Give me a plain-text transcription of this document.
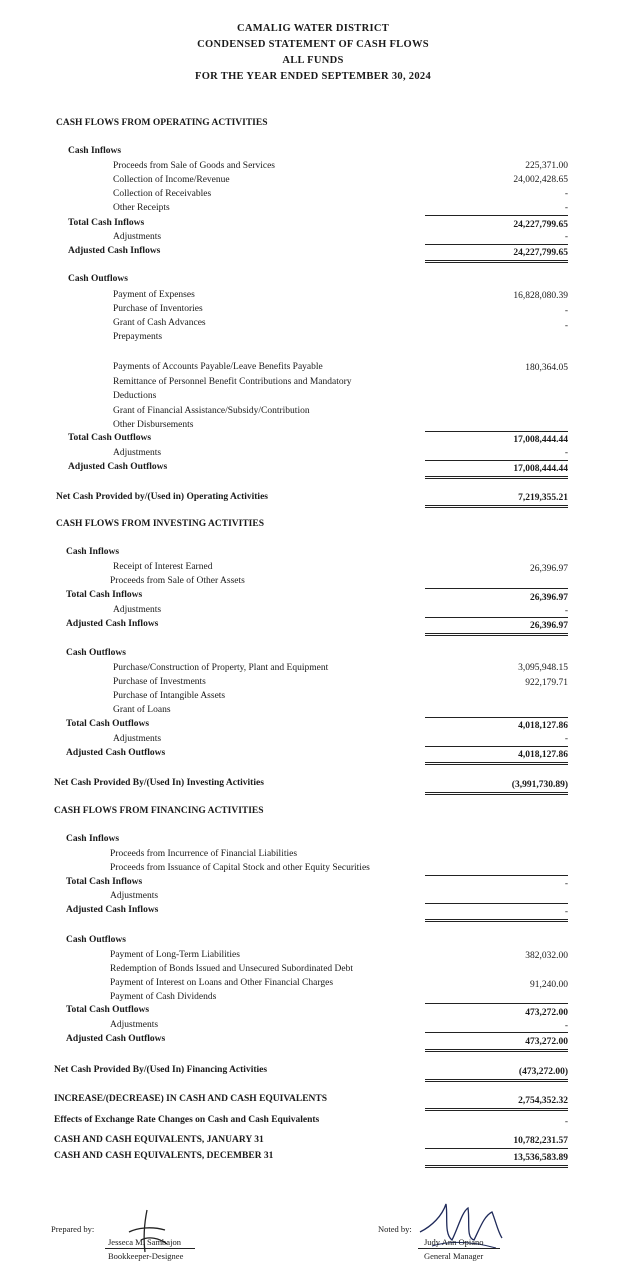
CAMALIG WATER DISTRICT
CONDENSED STATEMENT OF CASH FLOWS
ALL FUNDS
FOR THE YEAR ENDED SEPTEMBER 30, 2024
CASH FLOWS FROM OPERATING ACTIVITIES
Cash Inflows
Proceeds from Sale of Goods and Services	225,371.00
Collection of Income/Revenue	24,002,428.65
Collection of Receivables	-
Other Receipts	-
Total Cash Inflows	24,227,799.65
Adjustments	-
Adjusted Cash Inflows	24,227,799.65
Cash Outflows
Payment of Expenses	16,828,080.39
Purchase of Inventories	-
Grant of Cash Advances	-
Prepayments
Payments of Accounts Payable/Leave Benefits Payable	180,364.05
Remittance of Personnel Benefit Contributions and Mandatory
Deductions
Grant of Financial Assistance/Subsidy/Contribution
Other Disbursements
Total Cash Outflows	17,008,444.44
Adjustments	-
Adjusted Cash Outflows	17,008,444.44
Net Cash Provided by/(Used in) Operating Activities	7,219,355.21
CASH FLOWS FROM INVESTING ACTIVITIES
Cash Inflows
Receipt of Interest Earned	26,396.97
Proceeds from Sale of Other Assets
Total Cash Inflows	26,396.97
Adjustments	-
Adjusted Cash Inflows	26,396.97
Cash Outflows
Purchase/Construction of Property, Plant and Equipment	3,095,948.15
Purchase of Investments	922,179.71
Purchase of Intangible Assets
Grant of Loans
Total Cash Outflows	4,018,127.86
Adjustments	-
Adjusted Cash Outflows	4,018,127.86
Net Cash Provided By/(Used In) Investing Activities	(3,991,730.89)
CASH FLOWS FROM FINANCING ACTIVITIES
Cash Inflows
Proceeds from Incurrence of Financial Liabilities
Proceeds from Issuance of Capital Stock and other Equity Securities
Total Cash Inflows	-
Adjustments
Adjusted Cash Inflows	-
Cash Outflows
Payment of Long-Term Liabilities	382,032.00
Redemption of Bonds Issued and Unsecured Subordinated Debt
Payment of Interest on Loans and Other Financial Charges	91,240.00
Payment of Cash Dividends
Total Cash Outflows	473,272.00
Adjustments	-
Adjusted Cash Outflows	473,272.00
Net Cash Provided By/(Used In) Financing Activities	(473,272.00)
INCREASE/(DECREASE) IN CASH AND CASH EQUIVALENTS	2,754,352.32
Effects of Exchange Rate Changes on Cash and Cash Equivalents	-
CASH AND CASH EQUIVALENTS, JANUARY 31	10,782,231.57
CASH AND CASH EQUIVALENTS, DECEMBER 31	13,536,583.89
Prepared by:
Jesseca M. Sambajon
Bookkeeper-Designee
Noted by:
Judy Ann Opiano
General Manager
